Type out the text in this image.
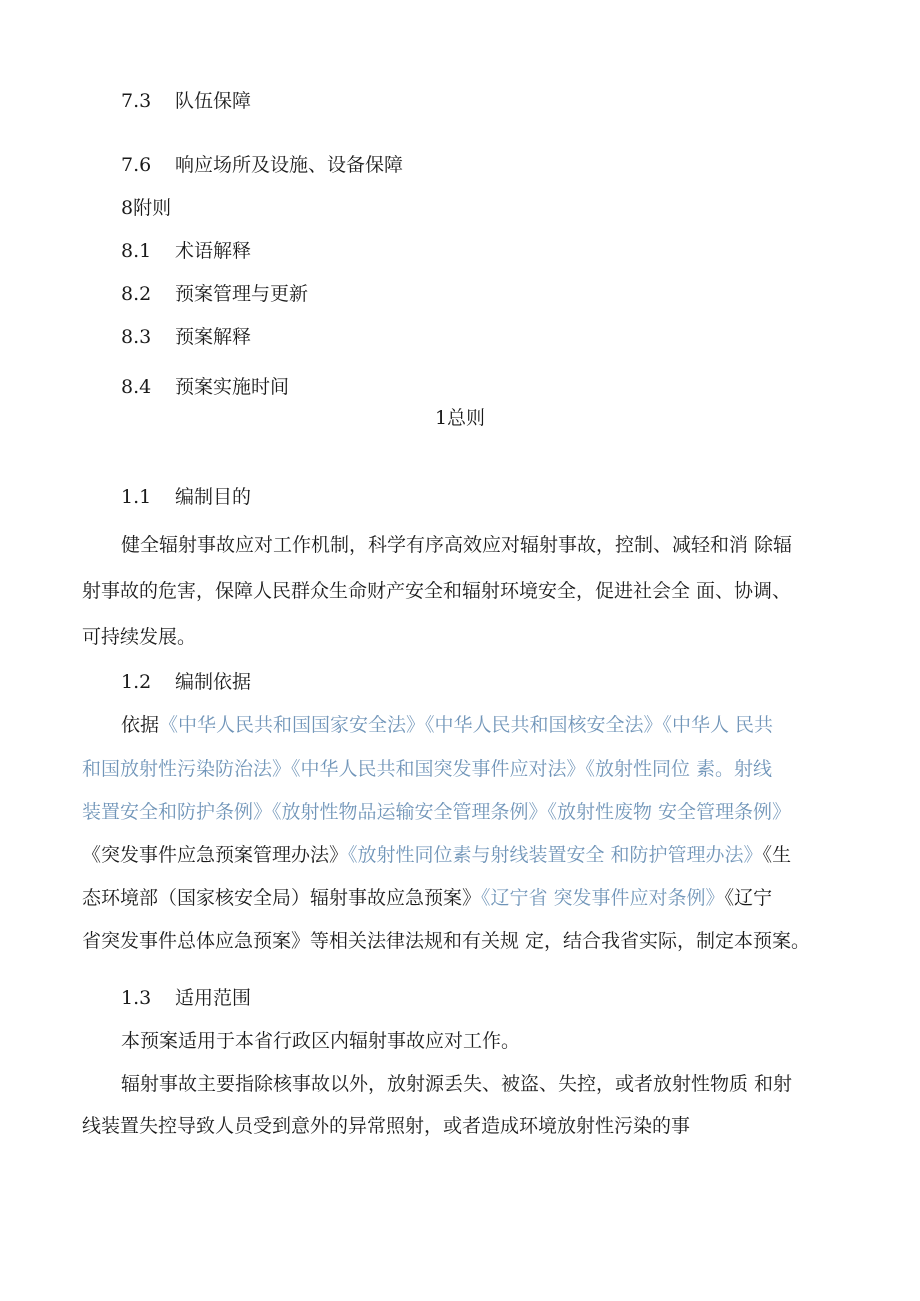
7.3 队伍保障
7.6 响应场所及设施、设备保障
8附则
8.1 术语解释
8.2 预案管理与更新
8.3 预案解释
8.4 预案实施时间
1总则
1.1 编制目的
健全辐射事故应对工作机制，科学有序高效应对辐射事故，控制、减轻和消 除辐
射事故的危害，保障人民群众生命财产安全和辐射环境安全，促进社会全 面、协调、
可持续发展。
1.2 编制依据
依据《中华人民共和国国家安全法》《中华人民共和国核安全法》《中华人 民共
和国放射性污染防治法》《中华人民共和国突发事件应对法》《放射性同位 素。射线
装置安全和防护条例》《放射性物品运输安全管理条例》《放射性废物 安全管理条例》
《突发事件应急预案管理办法》《放射性同位素与射线装置安全 和防护管理办法》《生
态环境部（国家核安全局）辐射事故应急预案》《辽宁省 突发事件应对条例》《辽宁
省突发事件总体应急预案》等相关法律法规和有关规 定，结合我省实际，制定本预案。
1.3 适用范围
本预案适用于本省行政区内辐射事故应对工作。
辐射事故主要指除核事故以外，放射源丢失、被盗、失控，或者放射性物质 和射
线装置失控导致人员受到意外的异常照射，或者造成环境放射性污染的事
